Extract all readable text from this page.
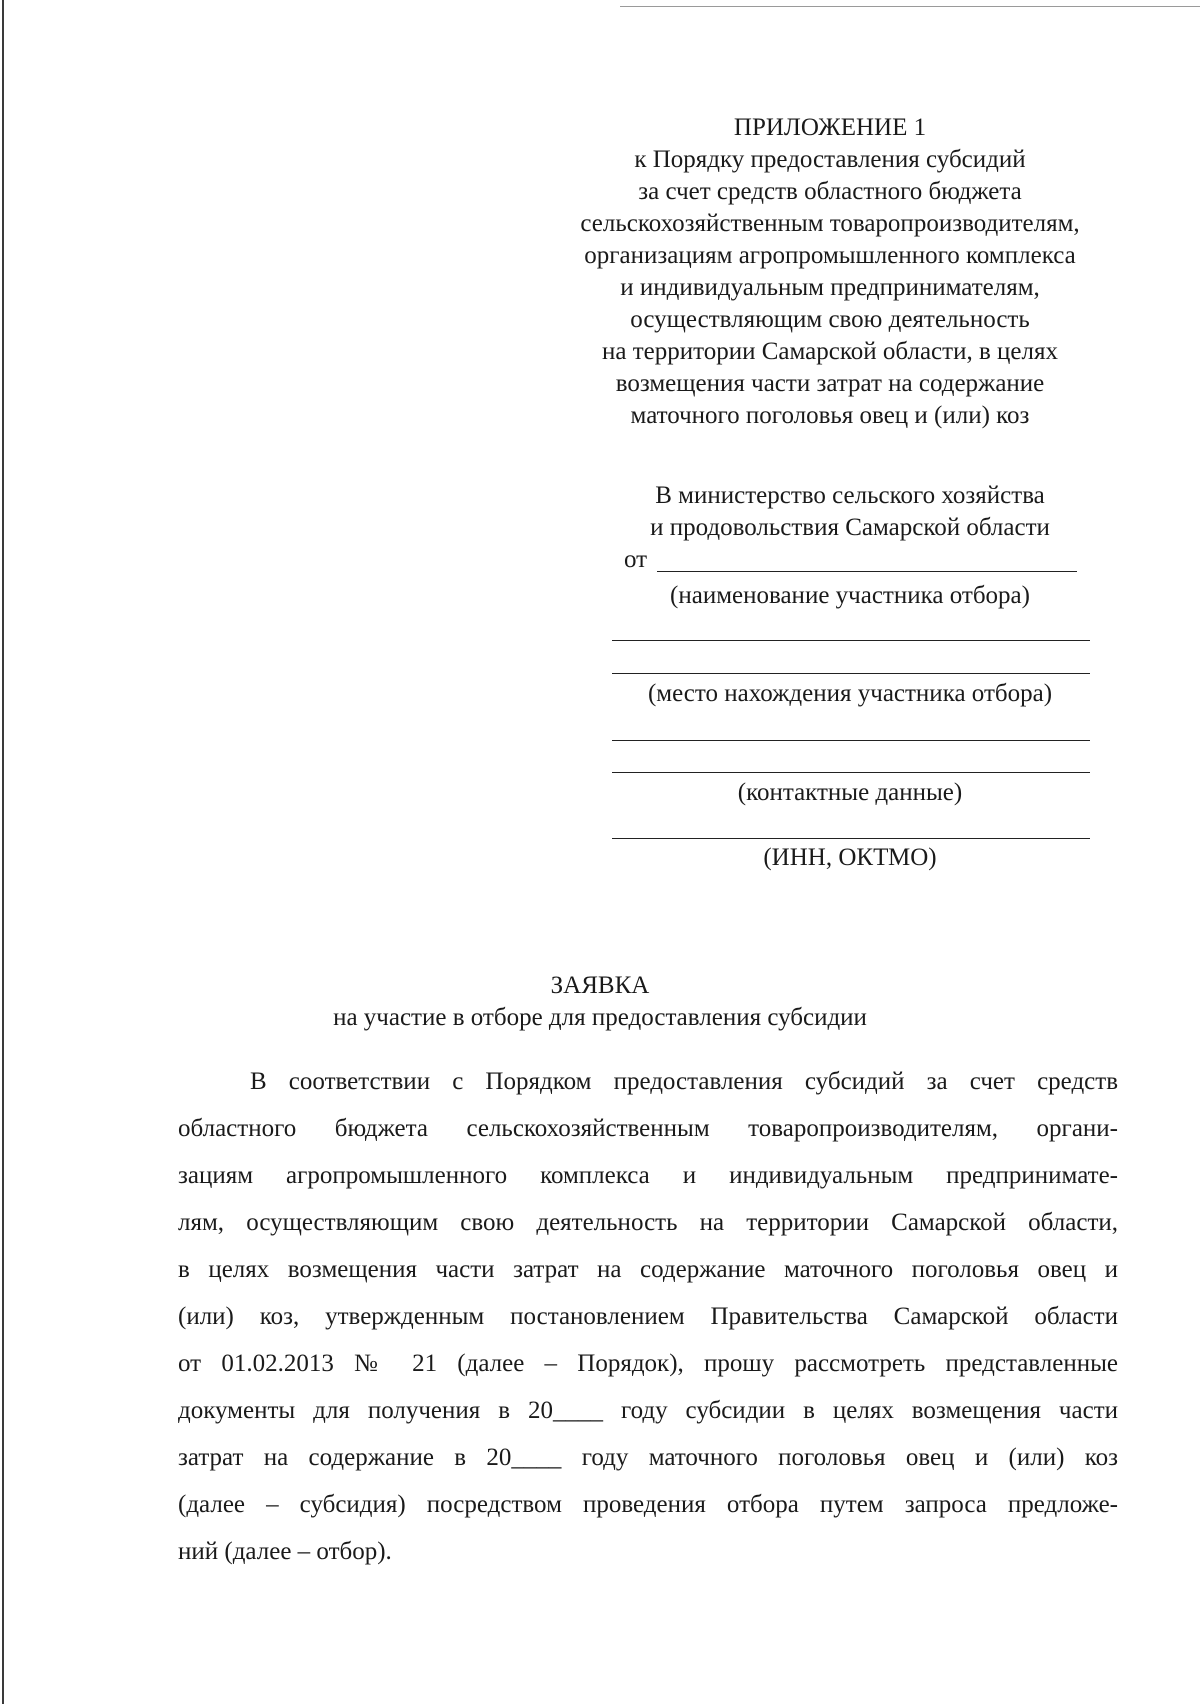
ПРИЛОЖЕНИЕ 1
к Порядку предоставления субсидий
за счет средств областного бюджета
сельскохозяйственным товаропроизводителям,
организациям агропромышленного комплекса
и индивидуальным предпринимателям,
осуществляющим свою деятельность
на территории Самарской области, в целях
возмещения части затрат на содержание
маточного поголовья овец и (или) коз
В министерство сельского хозяйства
и продовольствия Самарской области
от
(наименование участника отбора)
(место нахождения участника отбора)
(контактные данные)
(ИНН, ОКТМО)
ЗАЯВКА
на участие в отборе для предоставления субсидии
В соответствии с Порядком предоставления субсидий за счет средств
областного бюджета сельскохозяйственным товаропроизводителям, органи-
зациям агропромышленного комплекса и индивидуальным предпринимате-
лям, осуществляющим свою деятельность на территории Самарской области,
в целях возмещения части затрат на содержание маточного поголовья овец и
(или) коз, утвержденным постановлением Правительства Самарской области
от 01.02.2013 № 21 (далее – Порядок), прошу рассмотреть представленные
документы для получения в 20____ году субсидии в целях возмещения части
затрат на содержание в 20____ году маточного поголовья овец и (или) коз
(далее – субсидия) посредством проведения отбора путем запроса предложе-
ний (далее – отбор).
